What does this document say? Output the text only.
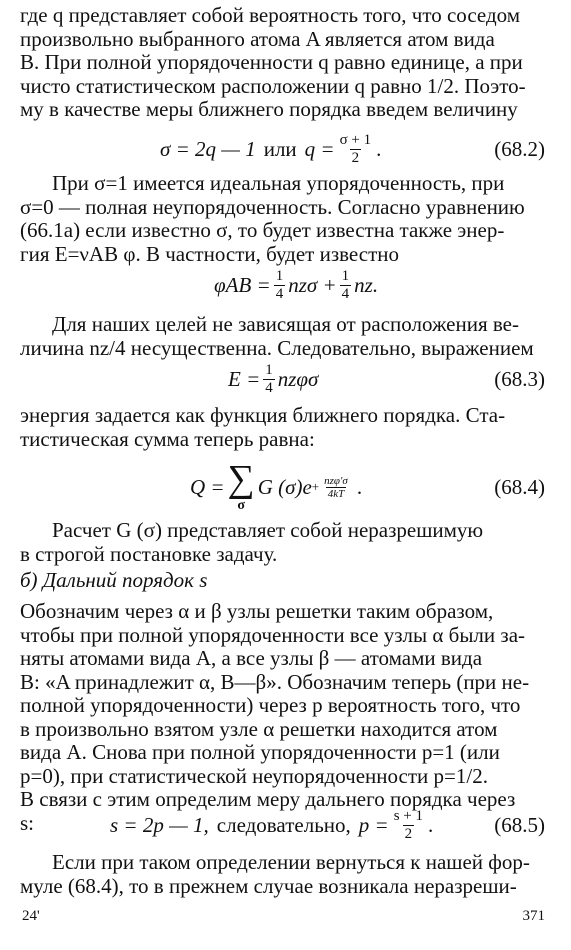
где q представляет собой вероятность того, что соседом

произвольно выбранного атома A является атом вида

B. При полной упорядоченности q равно единице, а при

чисто статистическом расположении q равно 1/2. Поэто-

му в качестве меры ближнего порядка введем величину

σ = 2q — 1 или $q = \frac{\sigma + 1}{2}$ .	(68.2)

При σ=1 имеется идеальная упорядоченность, при

σ=0 — полная неупорядоченность. Согласно уравнению

(66.1a) если известно σ, то будет известна также энер-

гия E=νAB φ. В частности, будет известно

$\varphi AB = \frac{1}{4}$ $nz\sigma + \frac{1}{4}$ nz.

Для наших целей не зависящая от расположения ве-

личина nz/4 несущественна. Следовательно, выражением

$E = \frac{1}{4}$ nzφσ	(68.3)

энергия задается как функция ближнего порядка. Ста-

тистическая сумма теперь равна:

Q = ∑
σ
G $(\sigma)e + \frac{\text{nzφ′σ}}{4kT}$ .	(68.4)

Расчет G (σ) представляет собой неразрешимую

в строгой постановке задачу.

б) Дальний порядок s

Обозначим через α и β узлы решетки таким образом,

чтобы при полной упорядоченности все узлы α были за-

няты атомами вида A, а все узлы β — атомами вида

B: «A принадлежит α, B—β». Обозначим теперь (при не-

полной упорядоченности) через p вероятность того, что

в произвольно взятом узле α решетки находится атом

вида A. Снова при полной упорядоченности p=1 (или

p=0), при статистической неупорядоченности p=1/2.

В связи с этим определим меру дальнего порядка через

s:	s = 2p — 1, следовательно, $p = \frac{s + 1}{2}$ .	(68.5)

Если при таком определении вернуться к нашей фор-

муле (68.4), то в прежнем случае возникала неразреши-

24'	371
